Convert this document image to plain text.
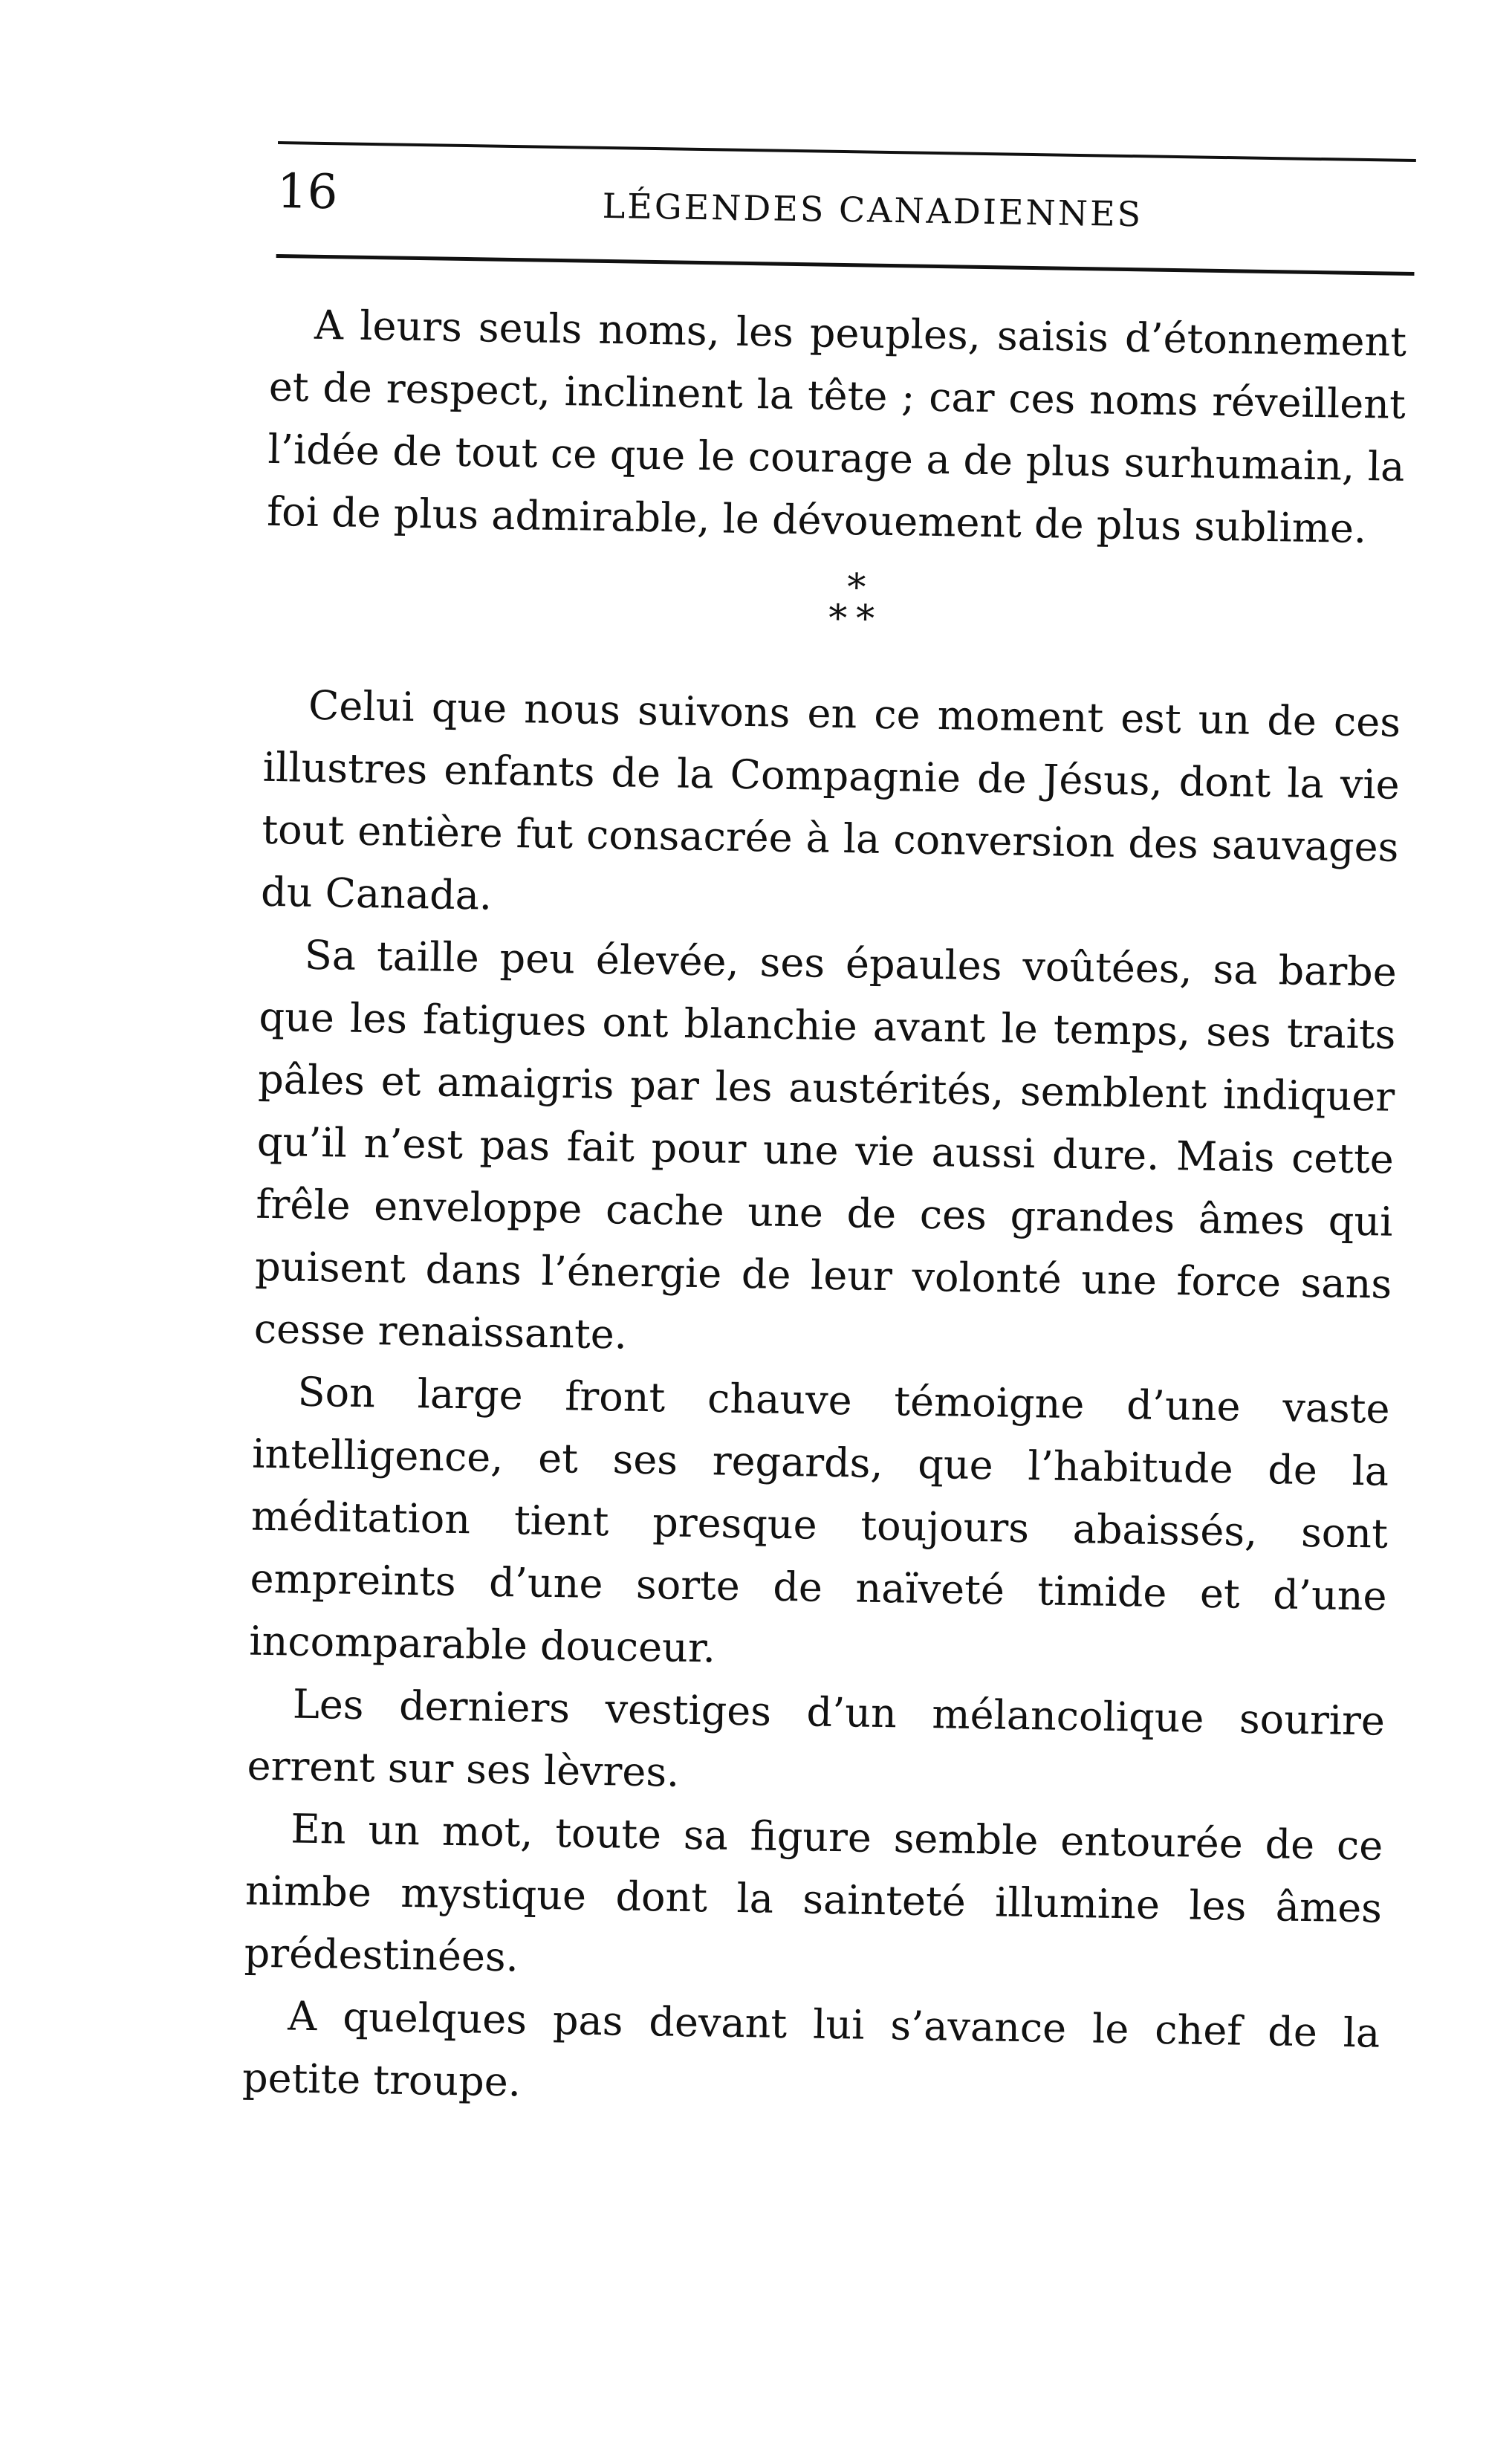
16	LÉGENDES CANADIENNES

A leurs seuls noms, les peuples, saisis d’étonnement et de respect, inclinent la tête ; car ces noms réveillent l’idée de tout ce que le courage a de plus surhumain, la foi de plus admirable, le dévouement de plus sublime.

*
**

Celui que nous suivons en ce moment est un de ces illustres enfants de la Compagnie de Jésus, dont la vie tout entière fut consacrée à la conversion des sauvages du Canada.

Sa taille peu élevée, ses épaules voûtées, sa barbe que les fatigues ont blanchie avant le temps, ses traits pâles et amaigris par les austérités, semblent indiquer qu’il n’est pas fait pour une vie aussi dure. Mais cette frêle enveloppe cache une de ces grandes âmes qui puisent dans l’énergie de leur volonté une force sans cesse renaissante.

Son large front chauve témoigne d’une vaste intelligence, et ses regards, que l’habitude de la méditation tient presque toujours abaissés, sont empreints d’une sorte de naïveté timide et d’une incomparable douceur.

Les derniers vestiges d’un mélancolique sourire errent sur ses lèvres.

En un mot, toute sa figure semble entourée de ce nimbe mystique dont la sainteté illumine les âmes prédestinées.

A quelques pas devant lui s’avance le chef de la petite troupe.
